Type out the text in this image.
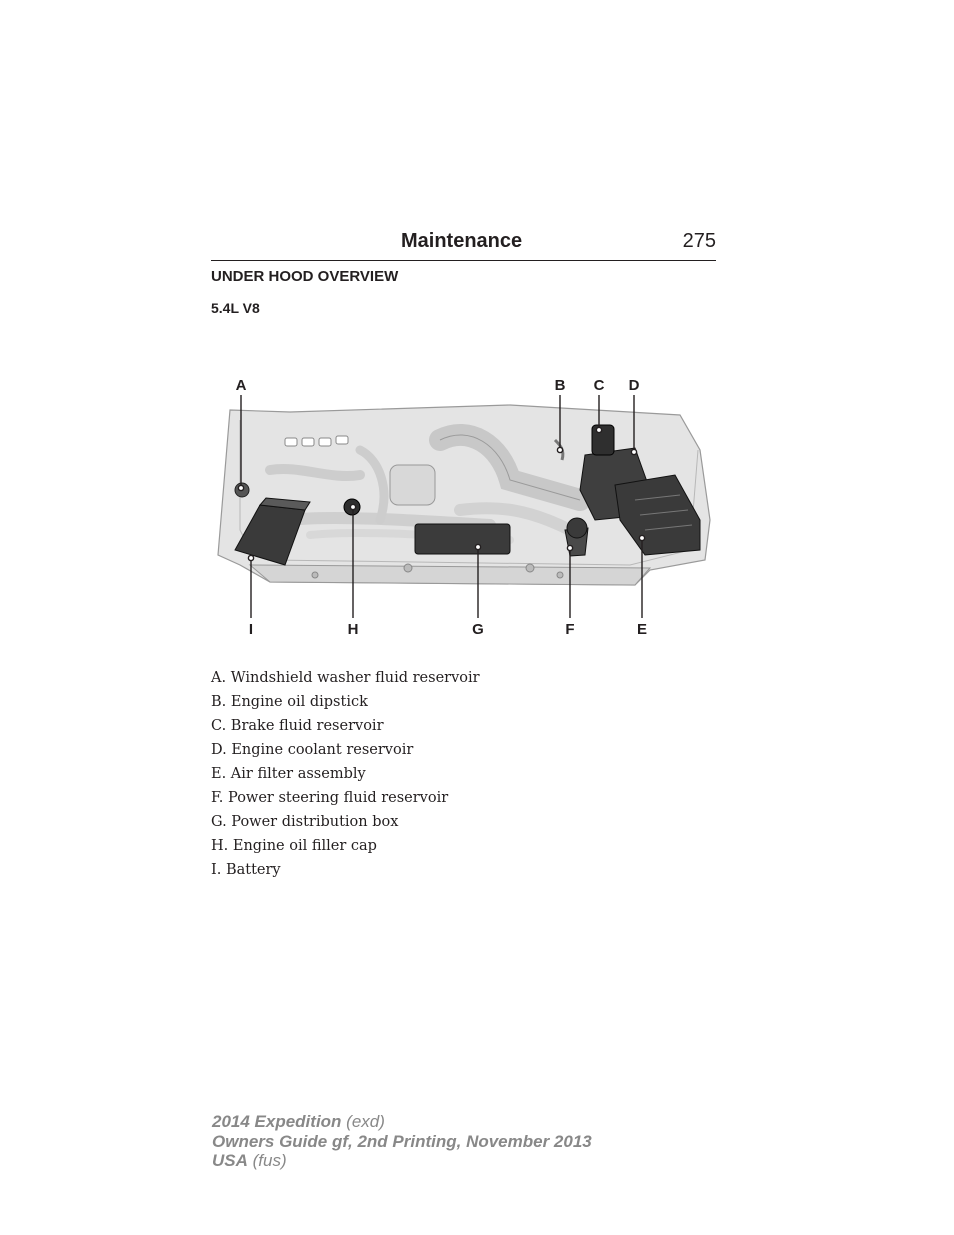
Maintenance	275
UNDER HOOD OVERVIEW
5.4L V8
A	B C D
I	H	G	F	E
A. Windshield washer fluid reservoir
B. Engine oil dipstick
C. Brake fluid reservoir
D. Engine coolant reservoir
E. Air filter assembly
F. Power steering fluid reservoir
G. Power distribution box
H. Engine oil filler cap
I. Battery
2014 Expedition (exd)
Owners Guide gf, 2nd Printing, November 2013
USA (fus)
